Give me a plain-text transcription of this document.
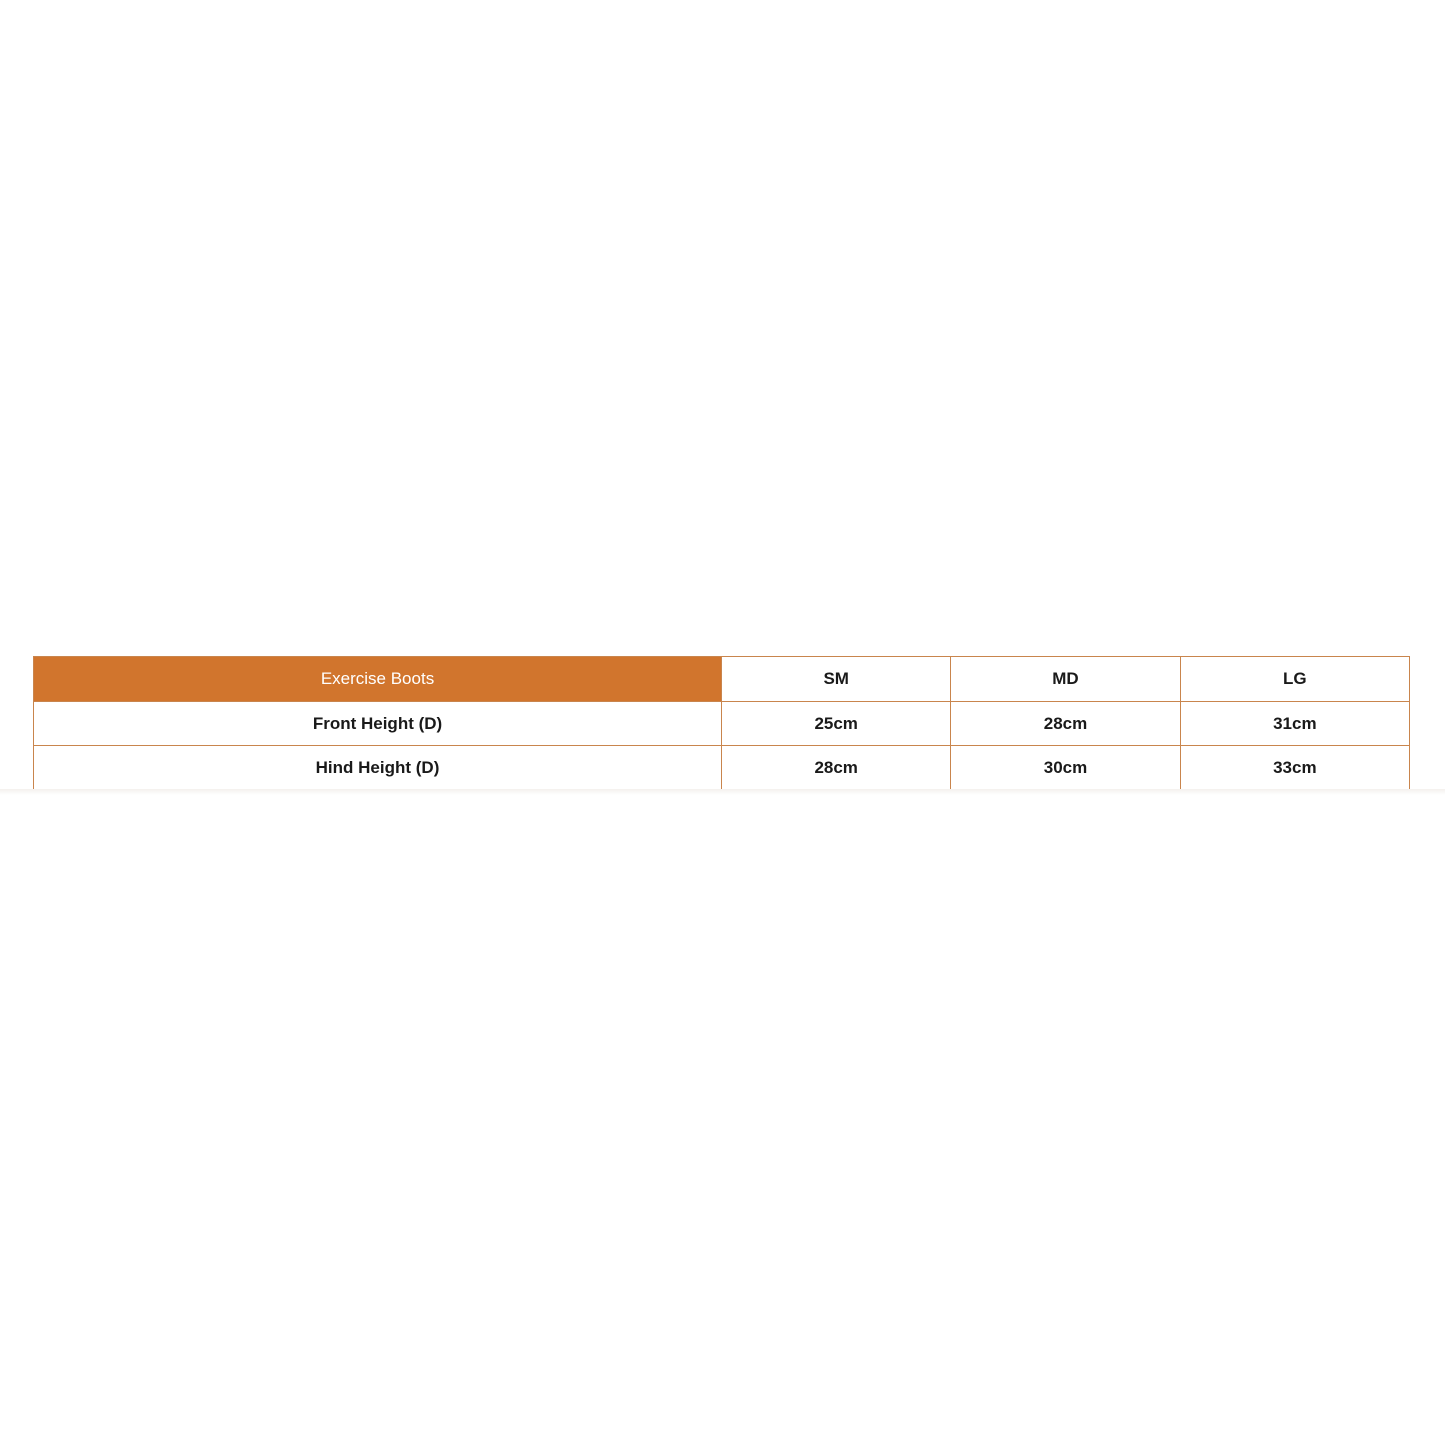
Exercise Boots	SM	MD	LG
Front Height (D)	25cm	28cm	31cm
Hind Height (D)	28cm	30cm	33cm
